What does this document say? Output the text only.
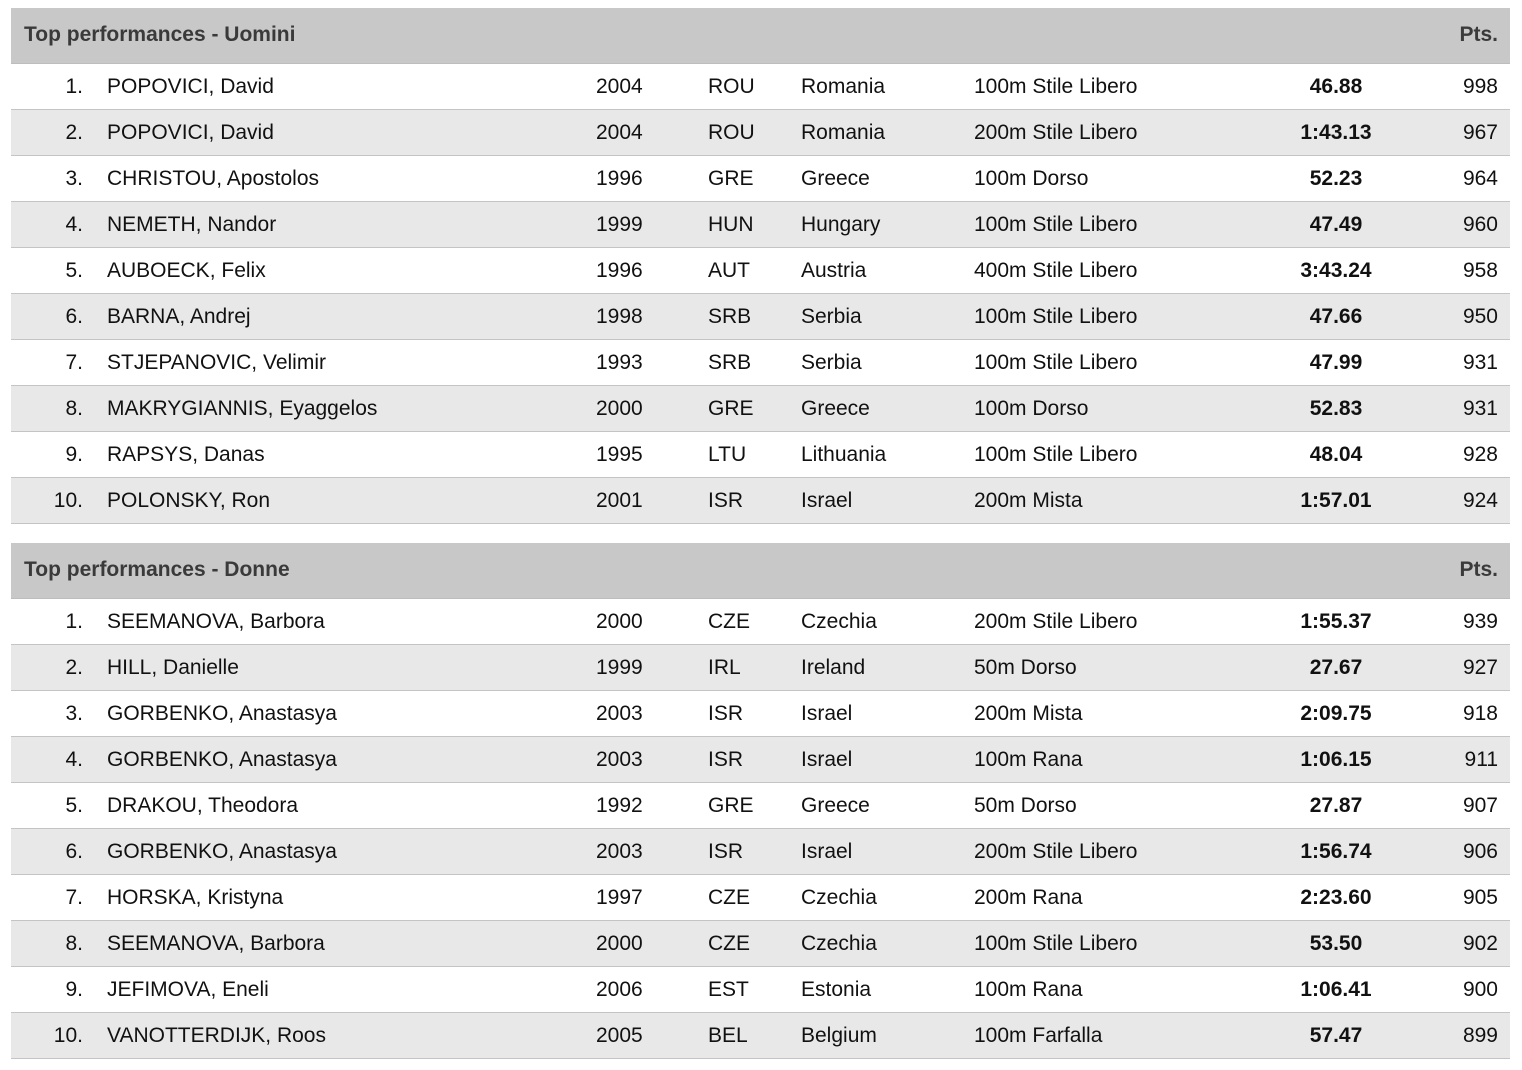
Top performances - Uomini	Pts.
1. POPOVICI, David	2004	ROU Romania	100m Stile Libero	46.88	998
2. POPOVICI, David	2004	ROU Romania	200m Stile Libero	1:43.13	967
3. CHRISTOU, Apostolos	1996	GRE Greece	100m Dorso	52.23	964
4. NEMETH, Nandor	1999	HUN Hungary	100m Stile Libero	47.49	960
5. AUBOECK, Felix	1996	AUT Austria	400m Stile Libero	3:43.24	958
6. BARNA, Andrej	1998	SRB Serbia	100m Stile Libero	47.66	950
7. STJEPANOVIC, Velimir	1993	SRB Serbia	100m Stile Libero	47.99	931
8. MAKRYGIANNIS, Eyaggelos	2000	GRE Greece	100m Dorso	52.83	931
9. RAPSYS, Danas	1995	LTU	Lithuania	100m Stile Libero	48.04	928
10. POLONSKY, Ron	2001	ISR	Israel	200m Mista	1:57.01	924
Top performances - Donne	Pts.
1. SEEMANOVA, Barbora	2000	CZE Czechia	200m Stile Libero	1:55.37	939
2. HILL, Danielle	1999	IRL	Ireland	50m Dorso	27.67	927
3. GORBENKO, Anastasya	2003	ISR	Israel	200m Mista	2:09.75	918
4. GORBENKO, Anastasya	2003	ISR	Israel	100m Rana	1:06.15	911
5. DRAKOU, Theodora	1992	GRE Greece	50m Dorso	27.87	907
6. GORBENKO, Anastasya	2003	ISR	Israel	200m Stile Libero	1:56.74	906
7. HORSKA, Kristyna	1997	CZE Czechia	200m Rana	2:23.60	905
8. SEEMANOVA, Barbora	2000	CZE Czechia	100m Stile Libero	53.50	902
9. JEFIMOVA, Eneli	2006	EST Estonia	100m Rana	1:06.41	900
10. VANOTTERDIJK, Roos	2005	BEL	Belgium	100m Farfalla	57.47	899
